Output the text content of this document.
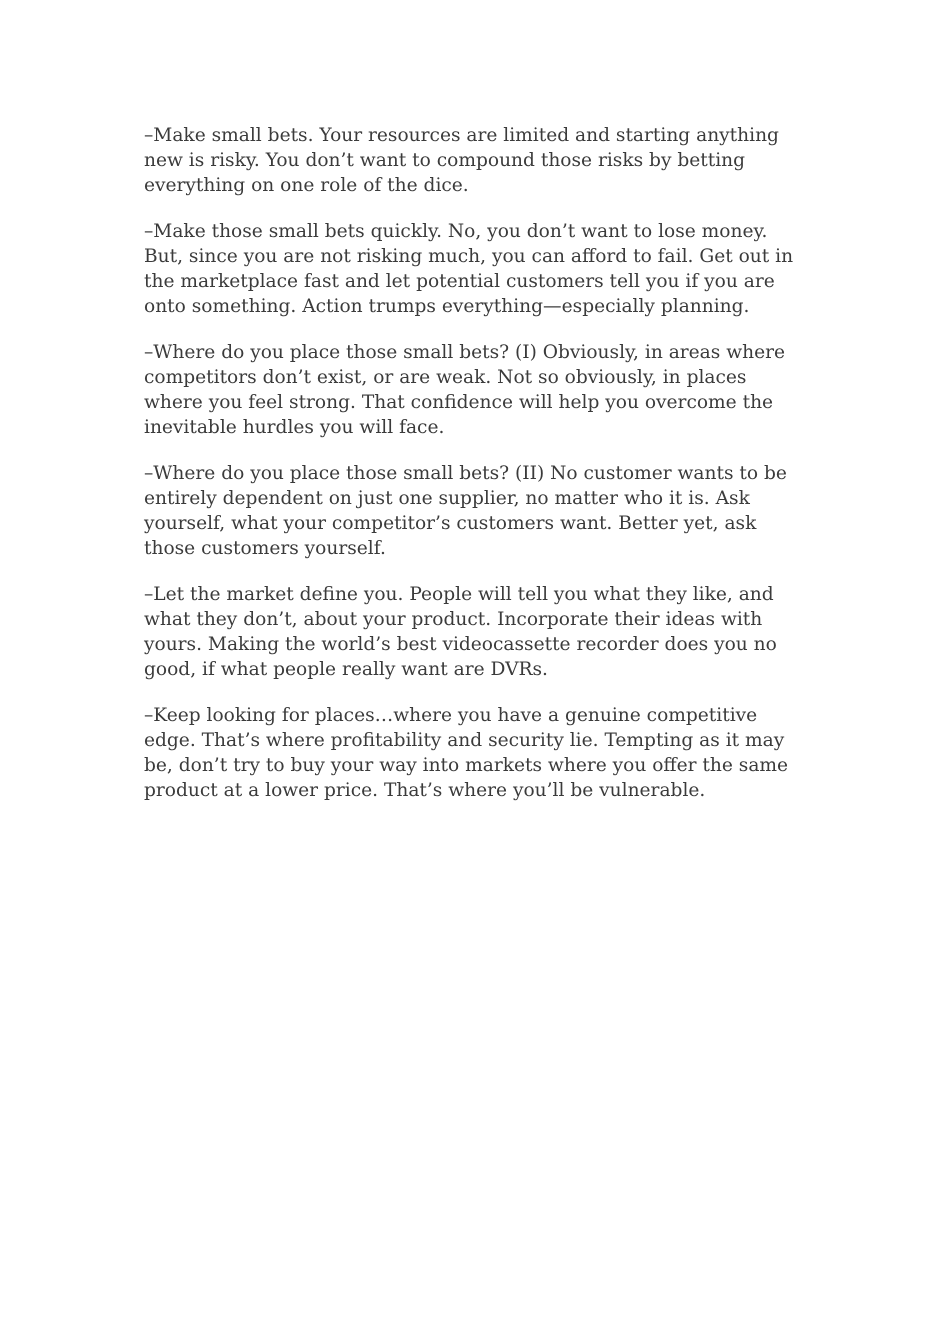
–Make small bets. Your resources are limited and starting anything new is risky. You don’t want to compound those risks by betting everything on one role of the dice.

–Make those small bets quickly. No, you don’t want to lose money. But, since you are not risking much, you can afford to fail. Get out in the marketplace fast and let potential customers tell you if you are onto something. Action trumps everything—especially planning.

–Where do you place those small bets? (I) Obviously, in areas where competitors don’t exist, or are weak. Not so obviously, in places where you feel strong. That confidence will help you overcome the inevitable hurdles you will face.

–Where do you place those small bets? (II) No customer wants to be entirely dependent on just one supplier, no matter who it is. Ask yourself, what your competitor’s customers want. Better yet, ask those customers yourself.

–Let the market define you. People will tell you what they like, and what they don’t, about your product. Incorporate their ideas with yours. Making the world’s best videocassette recorder does you no good, if what people really want are DVRs.

–Keep looking for places…where you have a genuine competitive edge. That’s where profitability and security lie. Tempting as it may be, don’t try to buy your way into markets where you offer the same product at a lower price. That’s where you’ll be vulnerable.
